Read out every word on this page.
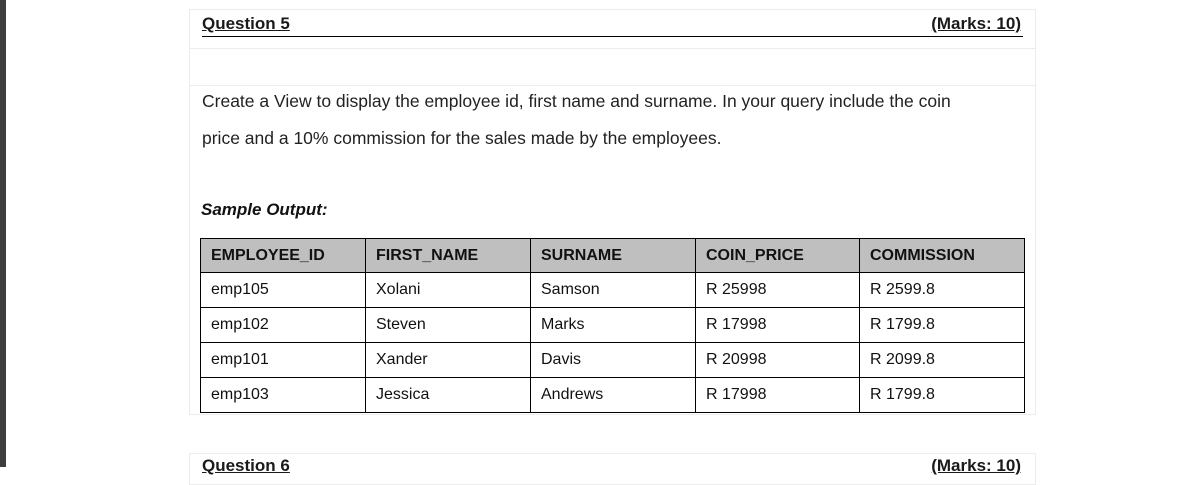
Question 5	(Marks: 10)
Create a View to display the employee id, first name and surname. In your query include the coin
price and a 10% commission for the sales made by the employees.
Sample Output:
EMPLOYEE_ID	FIRST_NAME	SURNAME	COIN_PRICE	COMMISSION
emp105	Xolani	Samson	R 25998	R 2599.8
emp102	Steven	Marks	R 17998	R 1799.8
emp101	Xander	Davis	R 20998	R 2099.8
emp103	Jessica	Andrews	R 17998	R 1799.8
Question 6	(Marks: 10)
